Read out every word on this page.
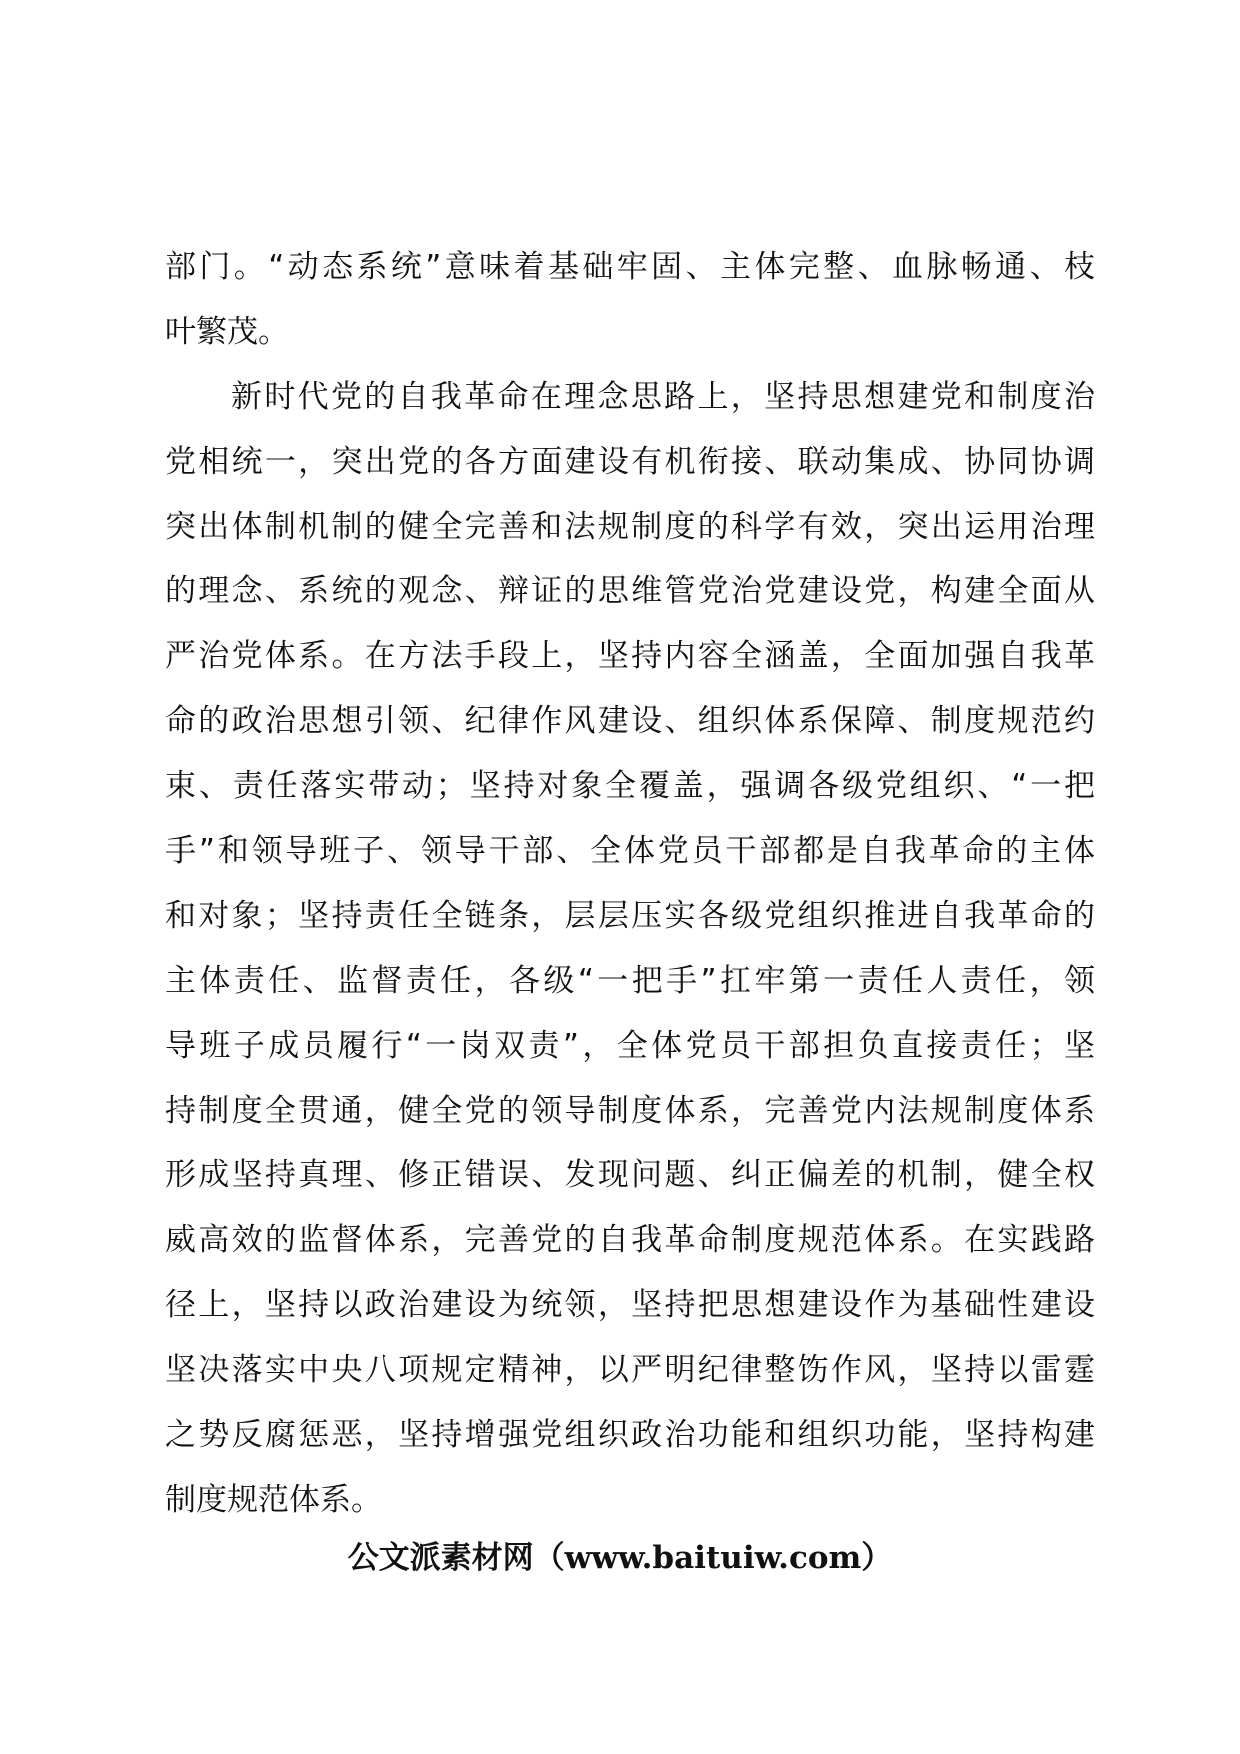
部门。“动态系统”意味着基础牢固、主体完整、血脉畅通、枝
叶繁茂。
新时代党的自我革命在理念思路上，坚持思想建党和制度治
党相统一，突出党的各方面建设有机衔接、联动集成、协同协调
突出体制机制的健全完善和法规制度的科学有效，突出运用治理
的理念、系统的观念、辩证的思维管党治党建设党，构建全面从
严治党体系。在方法手段上，坚持内容全涵盖，全面加强自我革
命的政治思想引领、纪律作风建设、组织体系保障、制度规范约
束、责任落实带动；坚持对象全覆盖，强调各级党组织、“一把
手”和领导班子、领导干部、全体党员干部都是自我革命的主体
和对象；坚持责任全链条，层层压实各级党组织推进自我革命的
主体责任、监督责任，各级“一把手”扛牢第一责任人责任，领
导班子成员履行“一岗双责”，全体党员干部担负直接责任；坚
持制度全贯通，健全党的领导制度体系，完善党内法规制度体系
形成坚持真理、修正错误、发现问题、纠正偏差的机制，健全权
威高效的监督体系，完善党的自我革命制度规范体系。在实践路
径上，坚持以政治建设为统领，坚持把思想建设作为基础性建设
坚决落实中央八项规定精神，以严明纪律整饬作风，坚持以雷霆
之势反腐惩恶，坚持增强党组织政治功能和组织功能，坚持构建
制度规范体系。
公文派素材网（www.baituiw.com）
